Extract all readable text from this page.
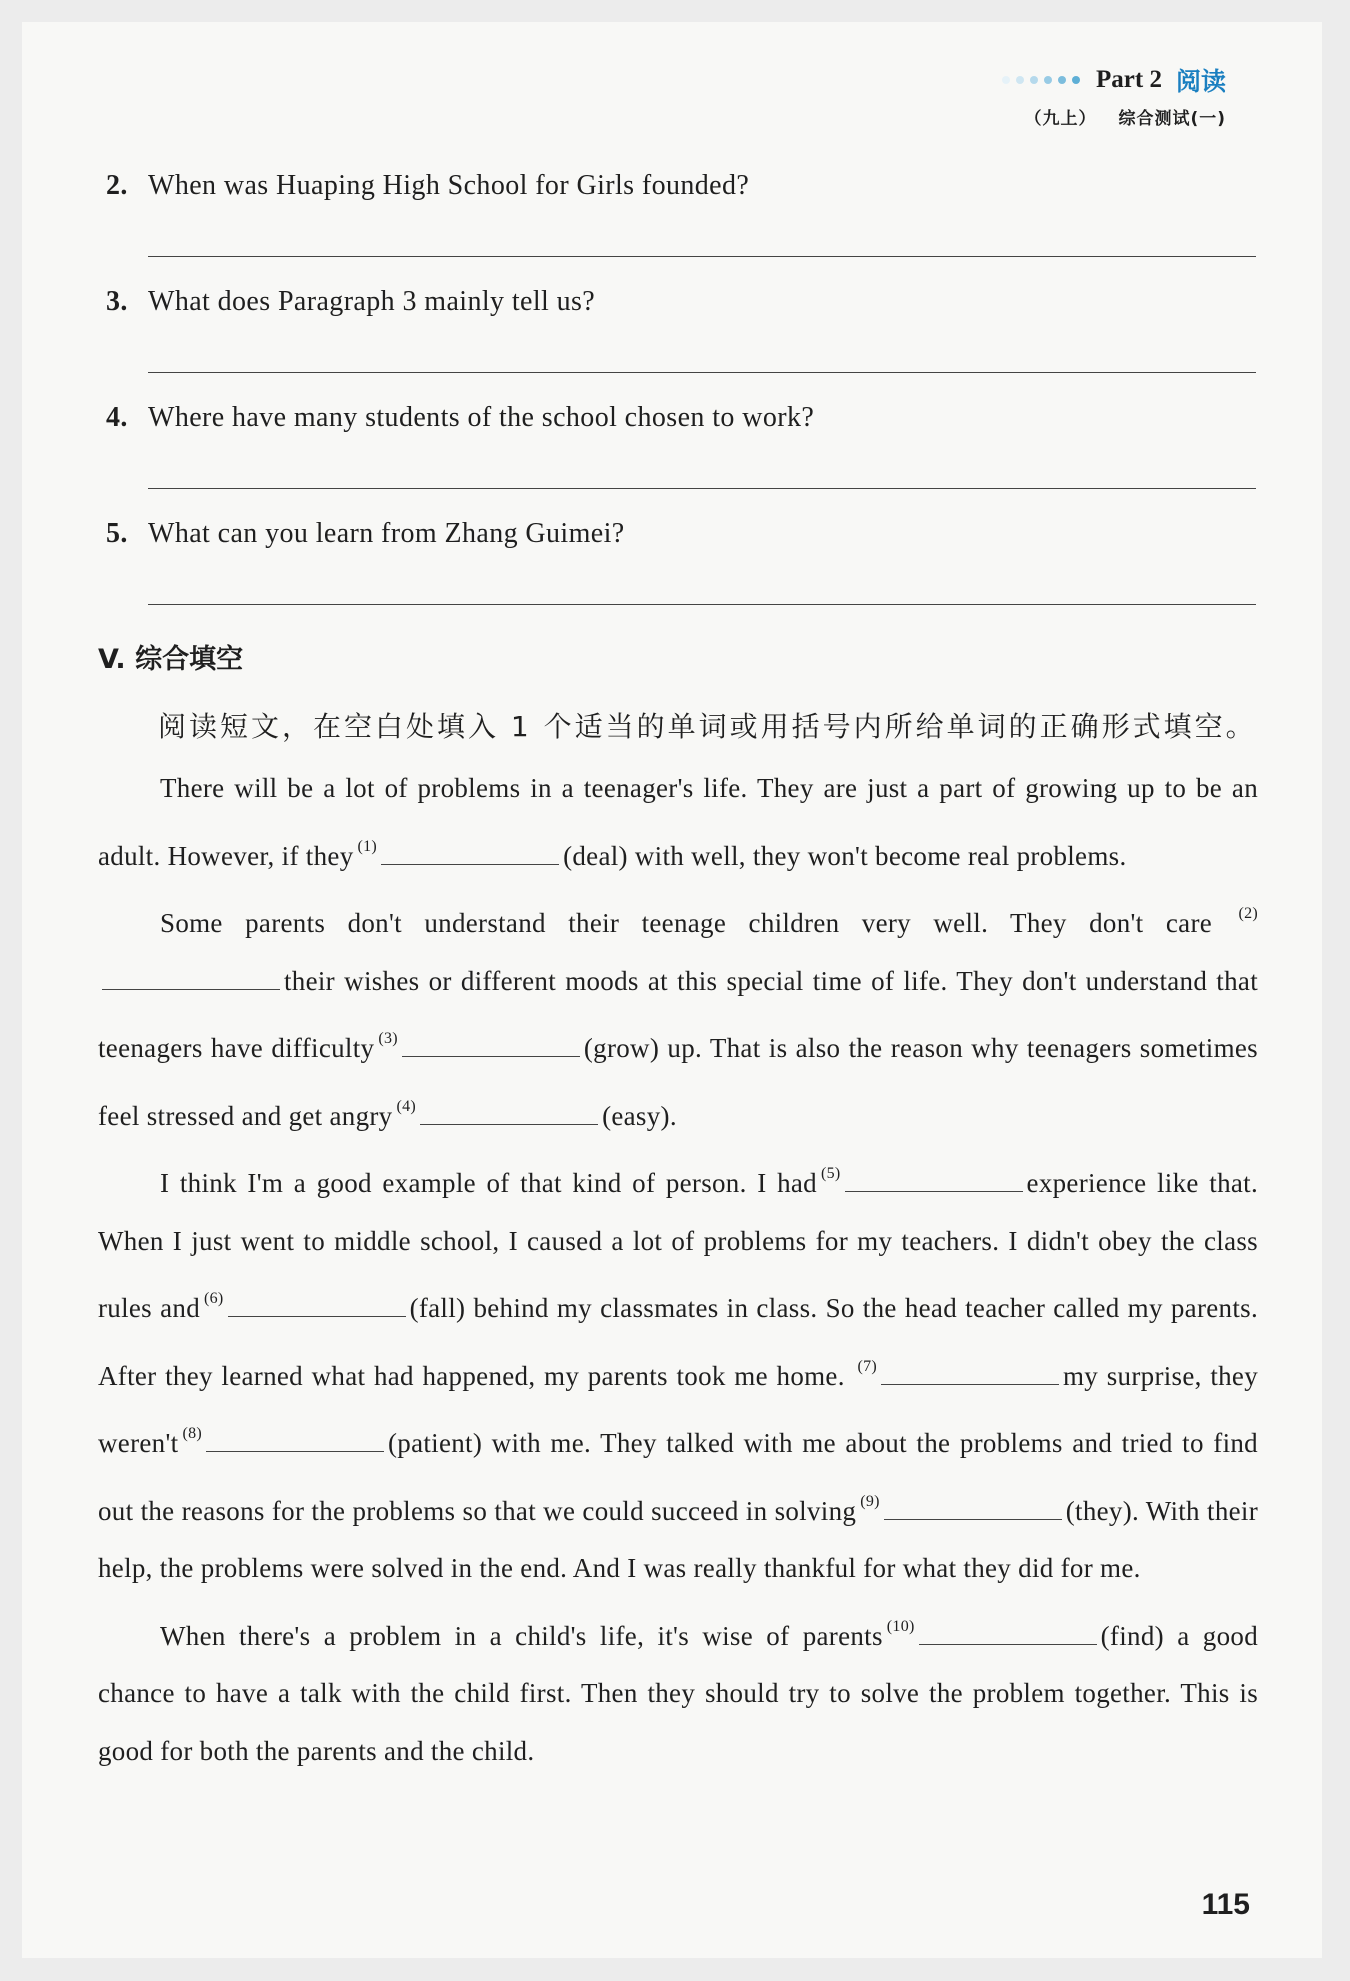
Part 2 阅读
（九上） 综合测试(一)
2. When was Huaping High School for Girls founded?
3. What does Paragraph 3 mainly tell us?
4. Where have many students of the school chosen to work?
5. What can you learn from Zhang Guimei?
V. 综合填空

阅读短文，在空白处填入 1 个适当的单词或用括号内所给单词的正确形式填空。

There will be a lot of problems in a teenager's life. They are just a part of growing up to be an adult. However, if they $^{(1)}$	(deal) with well, they won't become real problems.

Some parents don't understand their teenage children very well. They don't care $^{(2)}$their wishes or different moods at this special time of life. They don't understand that teenagers have difficulty $^{(3)}$	(grow) up. That is also the reason why teenagers sometimes feel stressed and get angry $^{(4)}$	(easy).

I think I'm a good example of that kind of person. I had $^{(5)}$	experience like that. When I just went to middle school, I caused a lot of problems for my teachers. I didn't obey the class rules and $^{(6)}$	(fall) behind my classmates in class. So the head teacher called my parents. After they learned what had happened, my parents took me home. $^{(7)}$	my surprise, they weren't $^{(8)}$	(patient) with me. They talked with me about the problems and tried to find out the reasons for the problems so that we could succeed in solving $^{(9)}$	(they). With their help, the problems were solved in the end. And I was really thankful for what they did for me.

When there's a problem in a child's life, it's wise of parents $^{(10)}$	(find) a good chance to have a talk with the child first. Then they should try to solve the problem together. This is good for both the parents and the child.

115
